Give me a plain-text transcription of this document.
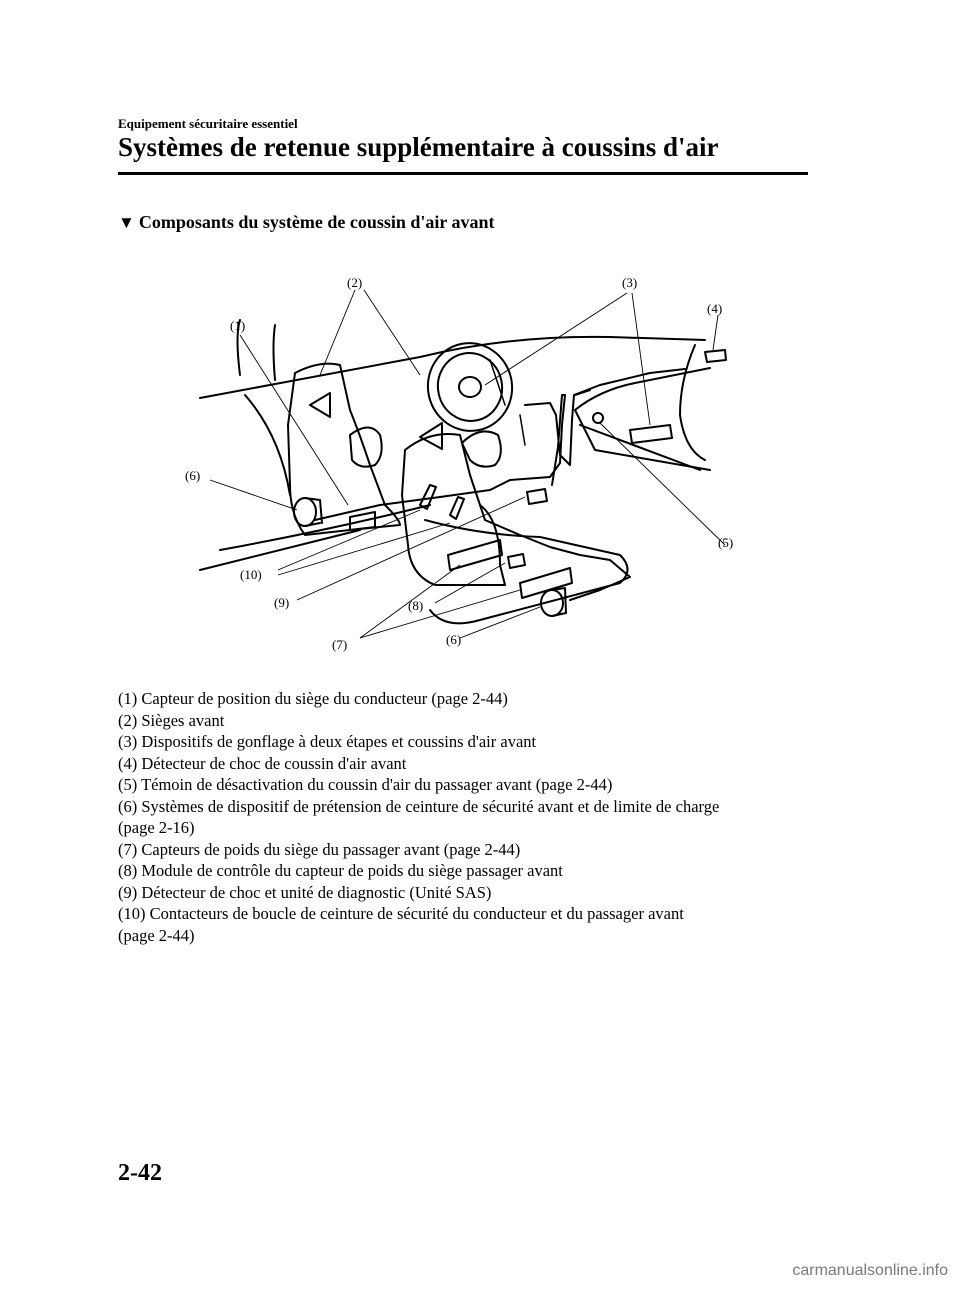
Equipement sécuritaire essentiel
Systèmes de retenue supplémentaire à coussins d'air
▼ Composants du système de coussin d'air avant
(1)
(2)	(3)
(4)
(5)
(6)
(10)
(9)	(8)
(7)	(6)
(1) Capteur de position du siège du conducteur (page 2-44)
(2) Sièges avant
(3) Dispositifs de gonflage à deux étapes et coussins d'air avant
(4) Détecteur de choc de coussin d'air avant
(5) Témoin de désactivation du coussin d'air du passager avant (page 2-44)
(6) Systèmes de dispositif de prétension de ceinture de sécurité avant et de limite de charge
(page 2-16)
(7) Capteurs de poids du siège du passager avant (page 2-44)
(8) Module de contrôle du capteur de poids du siège passager avant
(9) Détecteur de choc et unité de diagnostic (Unité SAS)
(10) Contacteurs de boucle de ceinture de sécurité du conducteur et du passager avant
(page 2-44)
2-42
carmanualsonline.info
